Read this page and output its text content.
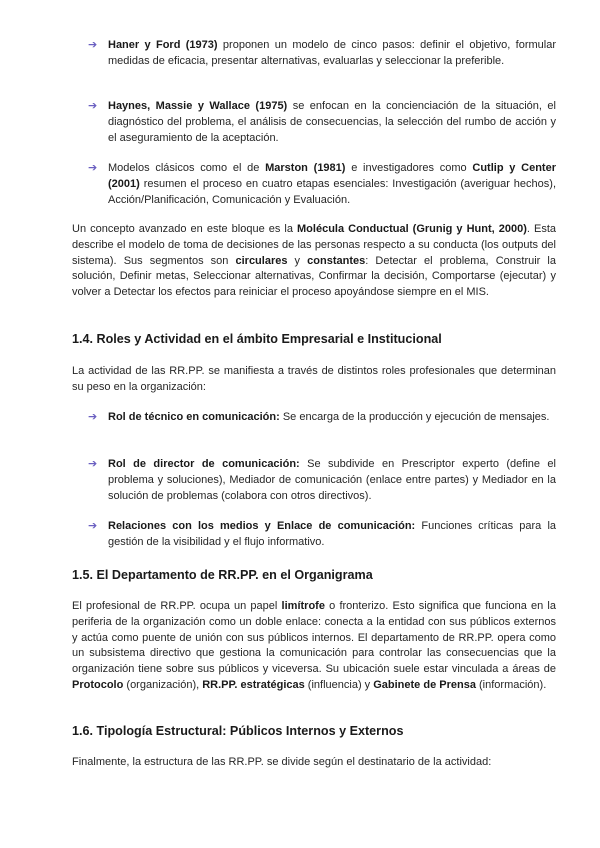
➔ Haner y Ford (1973) proponen un modelo de cinco pasos: definir el objetivo, formular medidas de eficacia, presentar alternativas, evaluarlas y seleccionar la preferible.
➔ Haynes, Massie y Wallace (1975) se enfocan en la concienciación de la situación, el diagnóstico del problema, el análisis de consecuencias, la selección del rumbo de acción y el aseguramiento de la aceptación.
➔ Modelos clásicos como el de Marston (1981) e investigadores como Cutlip y Center (2001) resumen el proceso en cuatro etapas esenciales: Investigación (averiguar hechos), Acción/Planificación, Comunicación y Evaluación.
Un concepto avanzado en este bloque es la Molécula Conductual (Grunig y Hunt, 2000). Esta describe el modelo de toma de decisiones de las personas respecto a su conducta (los outputs del sistema). Sus segmentos son circulares y constantes: Detectar el problema, Construir la solución, Definir metas, Seleccionar alternativas, Confirmar la decisión, Comportarse (ejecutar) y volver a Detectar los efectos para reiniciar el proceso apoyándose siempre en el MIS.
1.4. Roles y Actividad en el ámbito Empresarial e Institucional
La actividad de las RR.PP. se manifiesta a través de distintos roles profesionales que determinan su peso en la organización:
➔ Rol de técnico en comunicación: Se encarga de la producción y ejecución de mensajes.
➔ Rol de director de comunicación: Se subdivide en Prescriptor experto (define el problema y soluciones), Mediador de comunicación (enlace entre partes) y Mediador en la solución de problemas (colabora con otros directivos).
➔ Relaciones con los medios y Enlace de comunicación: Funciones críticas para la gestión de la visibilidad y el flujo informativo.
1.5. El Departamento de RR.PP. en el Organigrama
El profesional de RR.PP. ocupa un papel limítrofe o fronterizo. Esto significa que funciona en la periferia de la organización como un doble enlace: conecta a la entidad con sus públicos externos y actúa como puente de unión con sus públicos internos. El departamento de RR.PP. opera como un subsistema directivo que gestiona la comunicación para controlar las consecuencias que la organización tiene sobre sus públicos y viceversa. Su ubicación suele estar vinculada a áreas de Protocolo (organización), RR.PP. estratégicas (influencia) y Gabinete de Prensa (información).
1.6. Tipología Estructural: Públicos Internos y Externos
Finalmente, la estructura de las RR.PP. se divide según el destinatario de la actividad:
